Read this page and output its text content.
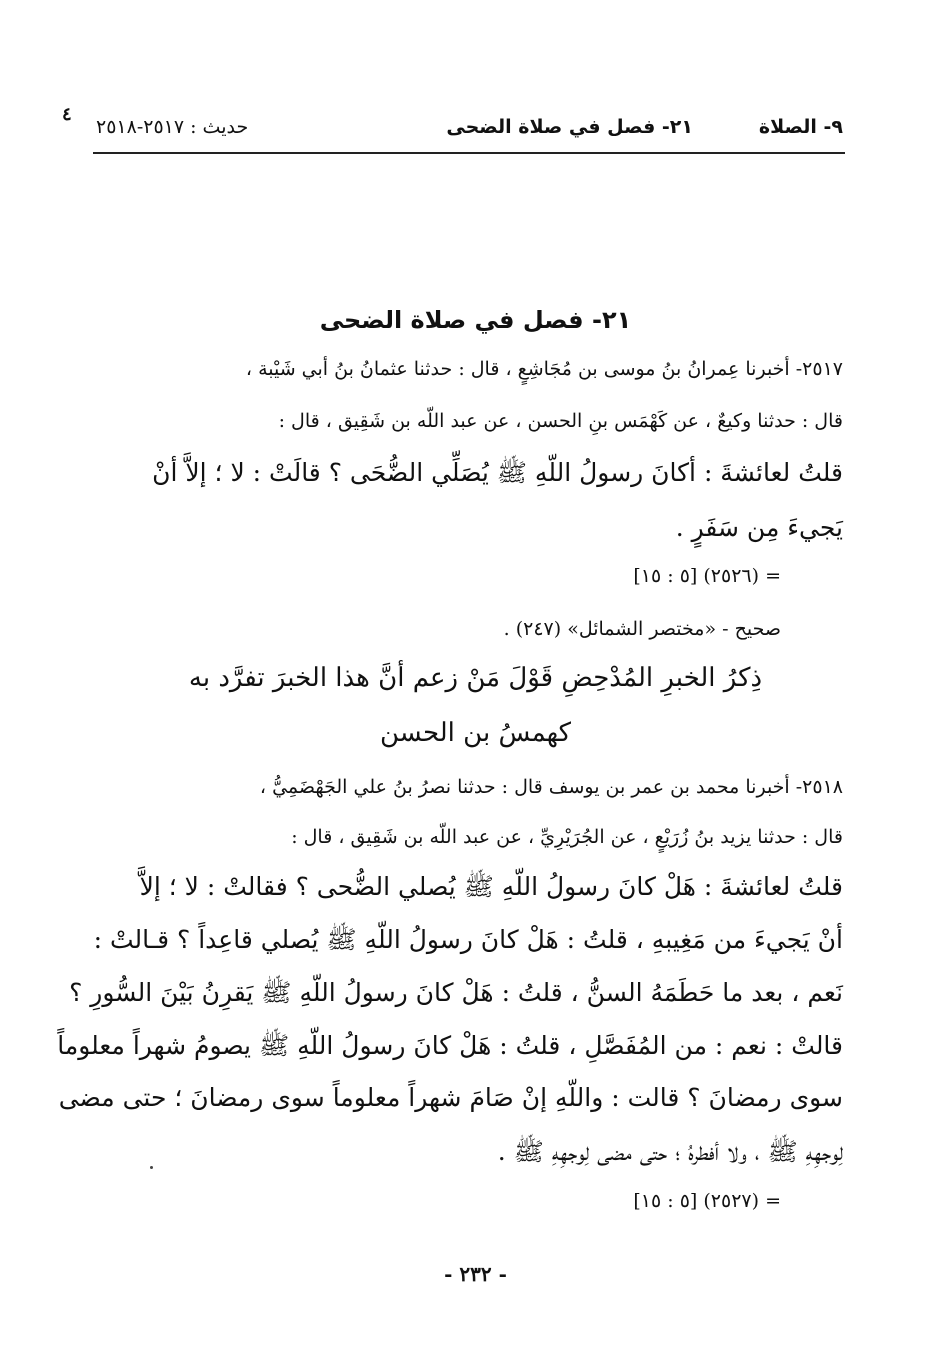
٩- الصلاة
٢١- فصل في صلاة الضحى
حديث : ٢٥١٧-٢٥١٨
٤
٢١- فصل في صلاة الضحى
٢٥١٧- أخبرنا عِمرانُ بنُ موسى بن مُجَاشِعٍ ، قال : حدثنا عثمانُ بنُ أبي شَيْبة ،
قال : حدثنا وكيعٌ ، عن كَهْمَس بنِ الحسن ، عن عبد اللّه بن شَقِيق ، قال :
قلتُ لعائشةَ : أكانَ رسولُ اللّهِ ﷺ يُصَلِّي الضُّحَى ؟ قالَتْ : لا ؛ إلاَّ أنْ
يَجيءَ مِن سَفَرٍ .
= (٢٥٢٦) [٥ : ١٥]
صحيح - «مختصر الشمائل» (٢٤٧) .
ذِكرُ الخبرِ المُدْحِضِ قَوْلَ مَنْ زعم أنَّ هذا الخبرَ تفرَّد به
كهمسُ بن الحسن
٢٥١٨- أخبرنا محمد بن عمر بن يوسف قال : حدثنا نصرُ بنُ علي الجَهْضَمِيُّ ،
قال : حدثنا يزيد بنُ زُرَيْعٍ ، عن الجُرَيْرِيِّ ، عن عبد اللّه بن شَقِيق ، قال :
قلتُ لعائشةَ : هَلْ كانَ رسولُ اللّهِ ﷺ يُصلي الضُّحى ؟ فقالتْ : لا ؛ إلاَّ
أنْ يَجيءَ من مَغِيبهِ ، قلتُ : هَلْ كانَ رسولُ اللّهِ ﷺ يُصلي قاعِداً ؟ قـالتْ :
نَعم ، بعد ما حَطَمَهُ السنُّ ، قلتُ : هَلْ كانَ رسولُ اللّهِ ﷺ يَقرِنُ بَيْنَ السُّورِ ؟
قالتْ : نعم : من المُفَصَّلِ ، قلتُ : هَلْ كانَ رسولُ اللّهِ ﷺ يصومُ شهراً معلوماً
سوى رمضانَ ؟ قالت : واللّهِ إنْ صَامَ شهراً معلوماً سوى رمضانَ ؛ حتى مضى
لِوجهِهِ ﷺ ، ولا أفطرهُ ؛ حتى مضى لِوجهِهِ ﷺ .
= (٢٥٢٧) [٥ : ١٥]
- ٢٣٢ -
